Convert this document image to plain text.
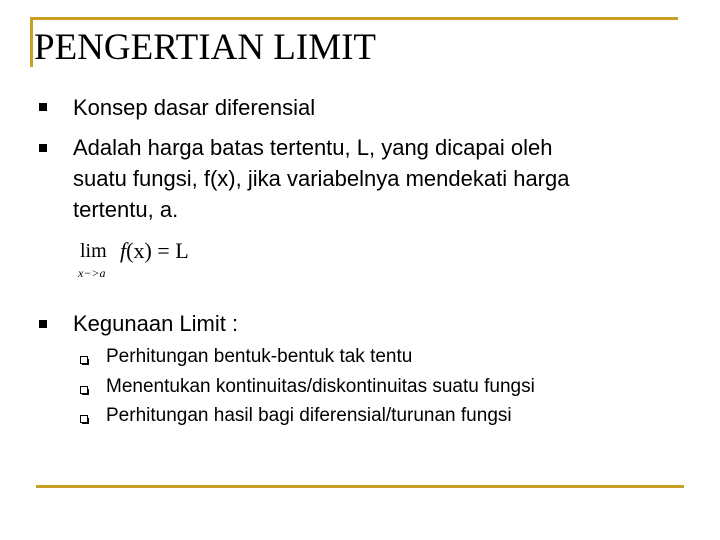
PENGERTIAN LIMIT
Konsep dasar diferensial
Adalah harga batas tertentu, L, yang dicapai oleh
suatu fungsi, f(x), jika variabelnya mendekati harga
tertentu, a.
lim
x−>a
f(x) = L
Kegunaan Limit :
Perhitungan bentuk-bentuk tak tentu
Menentukan kontinuitas/diskontinuitas suatu fungsi
Perhitungan hasil bagi diferensial/turunan fungsi
